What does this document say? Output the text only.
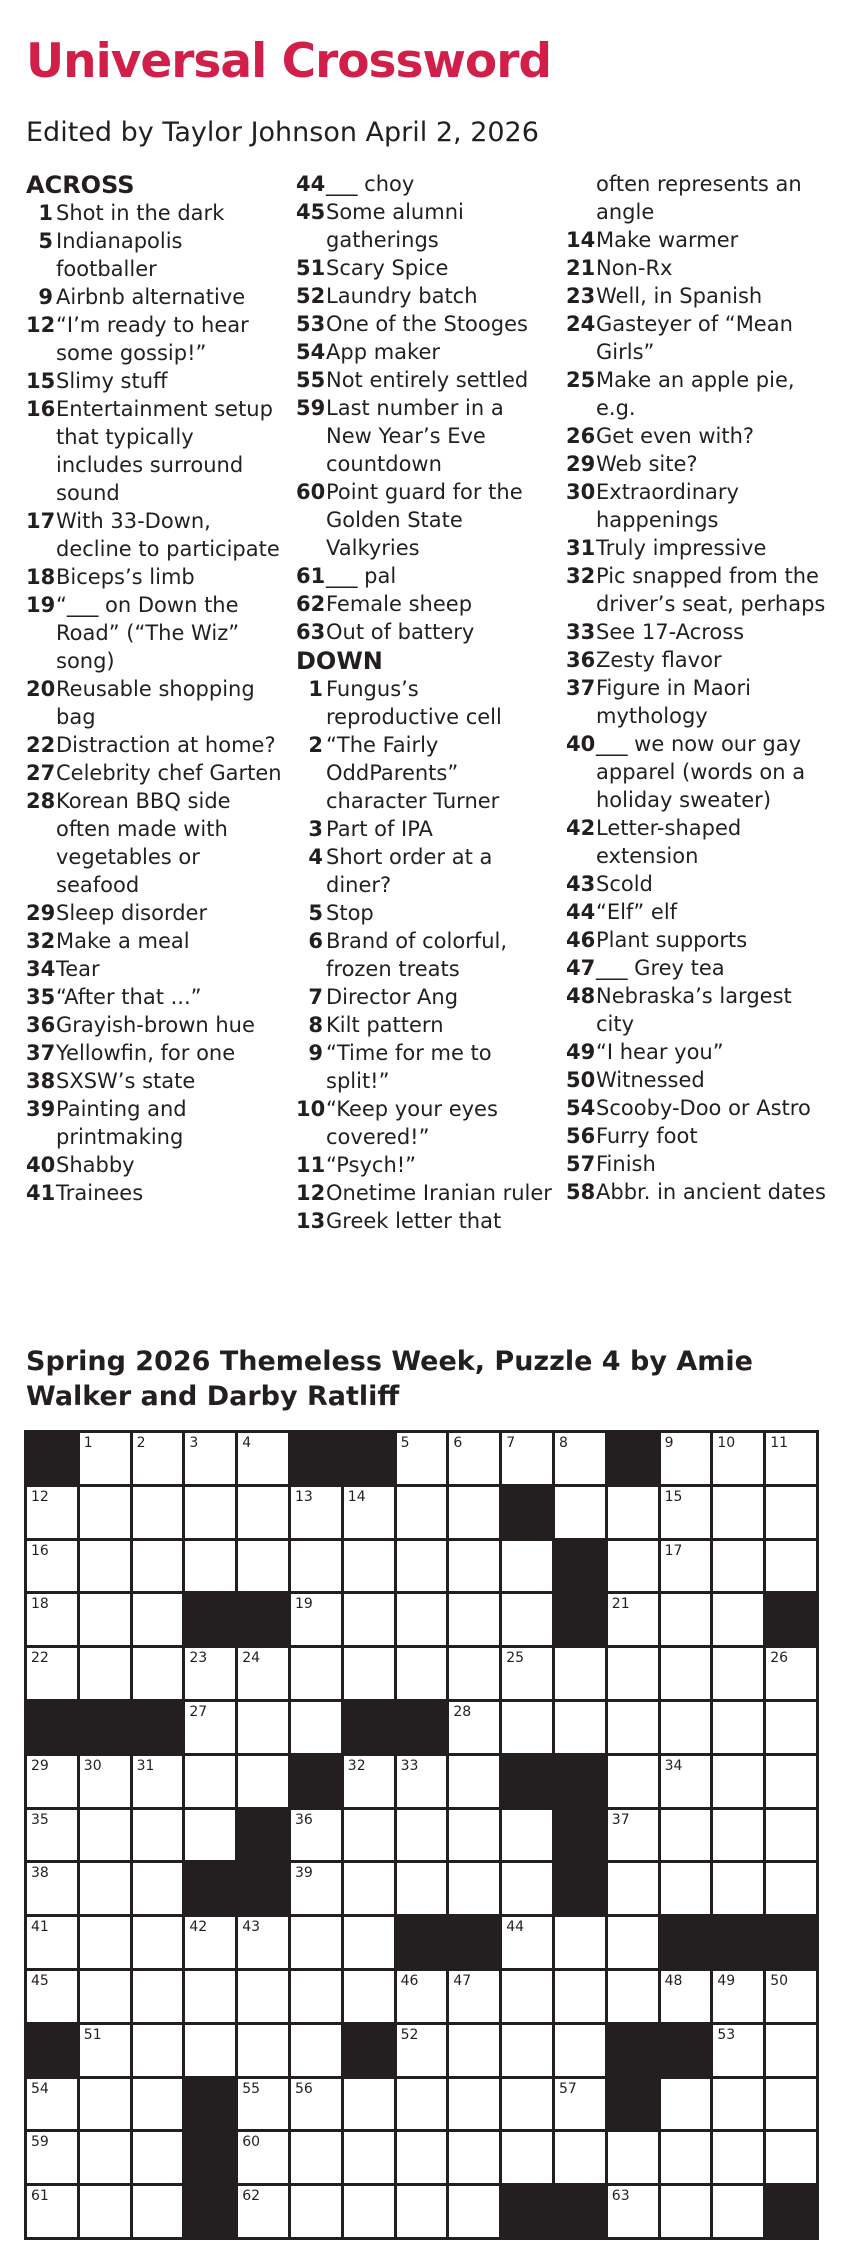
Universal Crossword
Edited by Taylor Johnson April 2, 2026
ACROSS
1 Shot in the dark
5 Indianapolis footballer
9 Airbnb alternative
12 “I’m ready to hear some gossip!”
15 Slimy stuff
16 Entertainment setup that typically includes surround sound
17 With 33-Down, decline to participate
18 Biceps’s limb
19 “___ on Down the Road” (“The Wiz” song)
20 Reusable shopping bag
22 Distraction at home?
27 Celebrity chef Garten
28 Korean BBQ side often made with vegetables or seafood
29 Sleep disorder
32 Make a meal
34 Tear
35 “After that ...”
36 Grayish-brown hue
37 Yellowfin, for one
38 SXSW’s state
39 Painting and printmaking
40 Shabby
41 Trainees
44 ___ choy
45 Some alumni gatherings
51 Scary Spice
52 Laundry batch
53 One of the Stooges
54 App maker
55 Not entirely settled
59 Last number in a New Year’s Eve countdown
60 Point guard for the Golden State Valkyries
61 ___ pal
62 Female sheep
63 Out of battery
DOWN
1 Fungus’s reproductive cell
2 “The Fairly OddParents” character Turner
3 Part of IPA
4 Short order at a diner?
5 Stop
6 Brand of colorful, frozen treats
7 Director Ang
8 Kilt pattern
9 “Time for me to split!”
10 “Keep your eyes covered!”
11 “Psych!”
12 Onetime Iranian ruler
13 Greek letter that
often represents an angle
14 Make warmer
21 Non-Rx
23 Well, in Spanish
24 Gasteyer of “Mean Girls”
25 Make an apple pie, e.g.
26 Get even with?
29 Web site?
30 Extraordinary happenings
31 Truly impressive
32 Pic snapped from the driver’s seat, perhaps
33 See 17-Across
36 Zesty flavor
37 Figure in Maori mythology
40 ___ we now our gay apparel (words on a holiday sweater)
42 Letter-shaped extension
43 Scold
44 “Elf” elf
46 Plant supports
47 ___ Grey tea
48 Nebraska’s largest city
49 “I hear you”
50 Witnessed
54 Scooby-Doo or Astro
56 Furry foot
57 Finish
58 Abbr. in ancient dates
Spring 2026 Themeless Week, Puzzle 4 by Amie
Walker and Darby Ratliff
1	2	3	4	5	6	7	8	9	10 11
12	13 14	15
16	17
18	19	21
22	23 24	25	26
27	28
29 30 31	32 33	34
35	36	37
38	39
41	42 43	44
45	46 47	48 49 50
51	52	53
54	55 56	57
59	60
61	62	63
